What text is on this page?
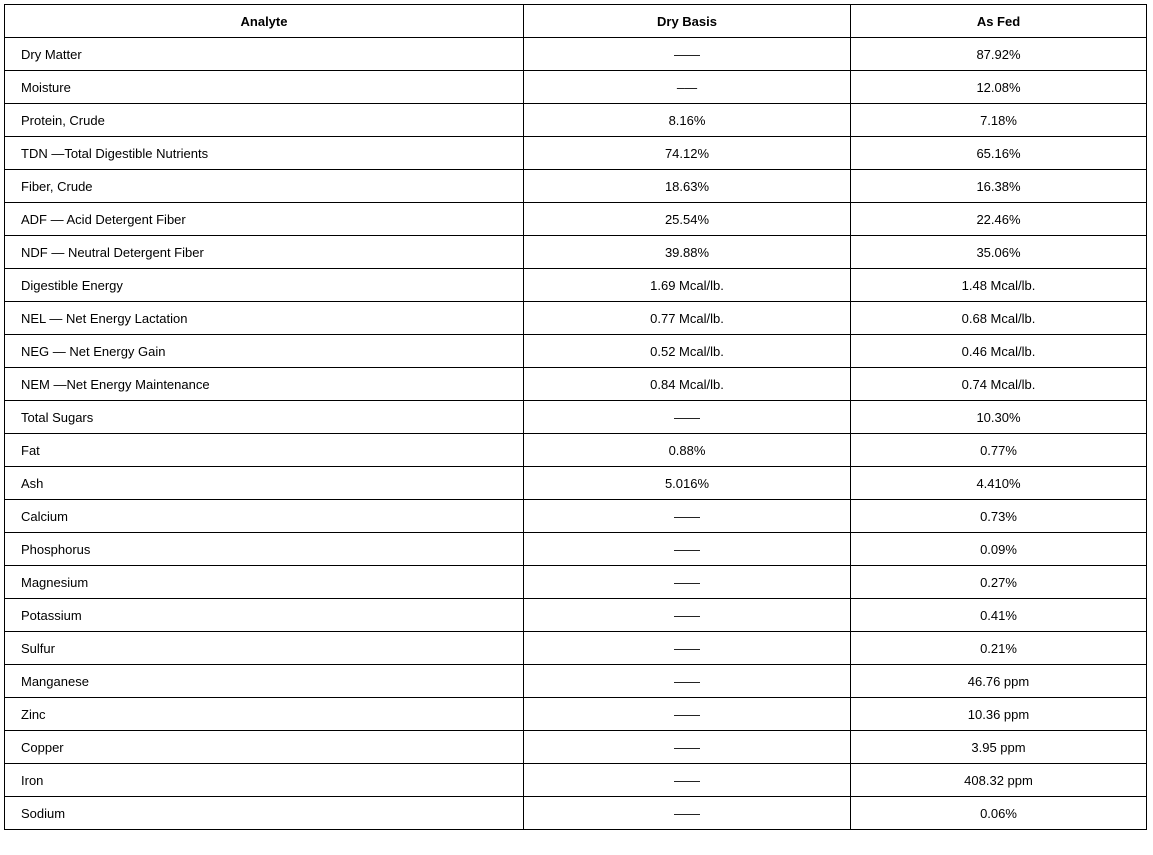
Analyte	Dry Basis	As Fed
Dry Matter	——	87.92%
Moisture	–—	12.08%
Protein, Crude	8.16%	7.18%
TDN —Total Digestible Nutrients	74.12%	65.16%
Fiber, Crude	18.63%	16.38%
ADF — Acid Detergent Fiber	25.54%	22.46%
NDF — Neutral Detergent Fiber	39.88%	35.06%
Digestible Energy	1.69 Mcal/lb.	1.48 Mcal/lb.
NEL — Net Energy Lactation	0.77 Mcal/lb.	0.68 Mcal/lb.
NEG — Net Energy Gain	0.52 Mcal/lb.	0.46 Mcal/lb.
NEM —Net Energy Maintenance	0.84 Mcal/lb.	0.74 Mcal/lb.
Total Sugars	——	10.30%
Fat	0.88%	0.77%
Ash	5.016%	4.410%
Calcium	——	0.73%
Phosphorus	——	0.09%
Magnesium	——	0.27%
Potassium	——	0.41%
Sulfur	——	0.21%
Manganese	——	46.76 ppm
Zinc	——	10.36 ppm
Copper	——	3.95 ppm
Iron	——	408.32 ppm
Sodium	——	0.06%
